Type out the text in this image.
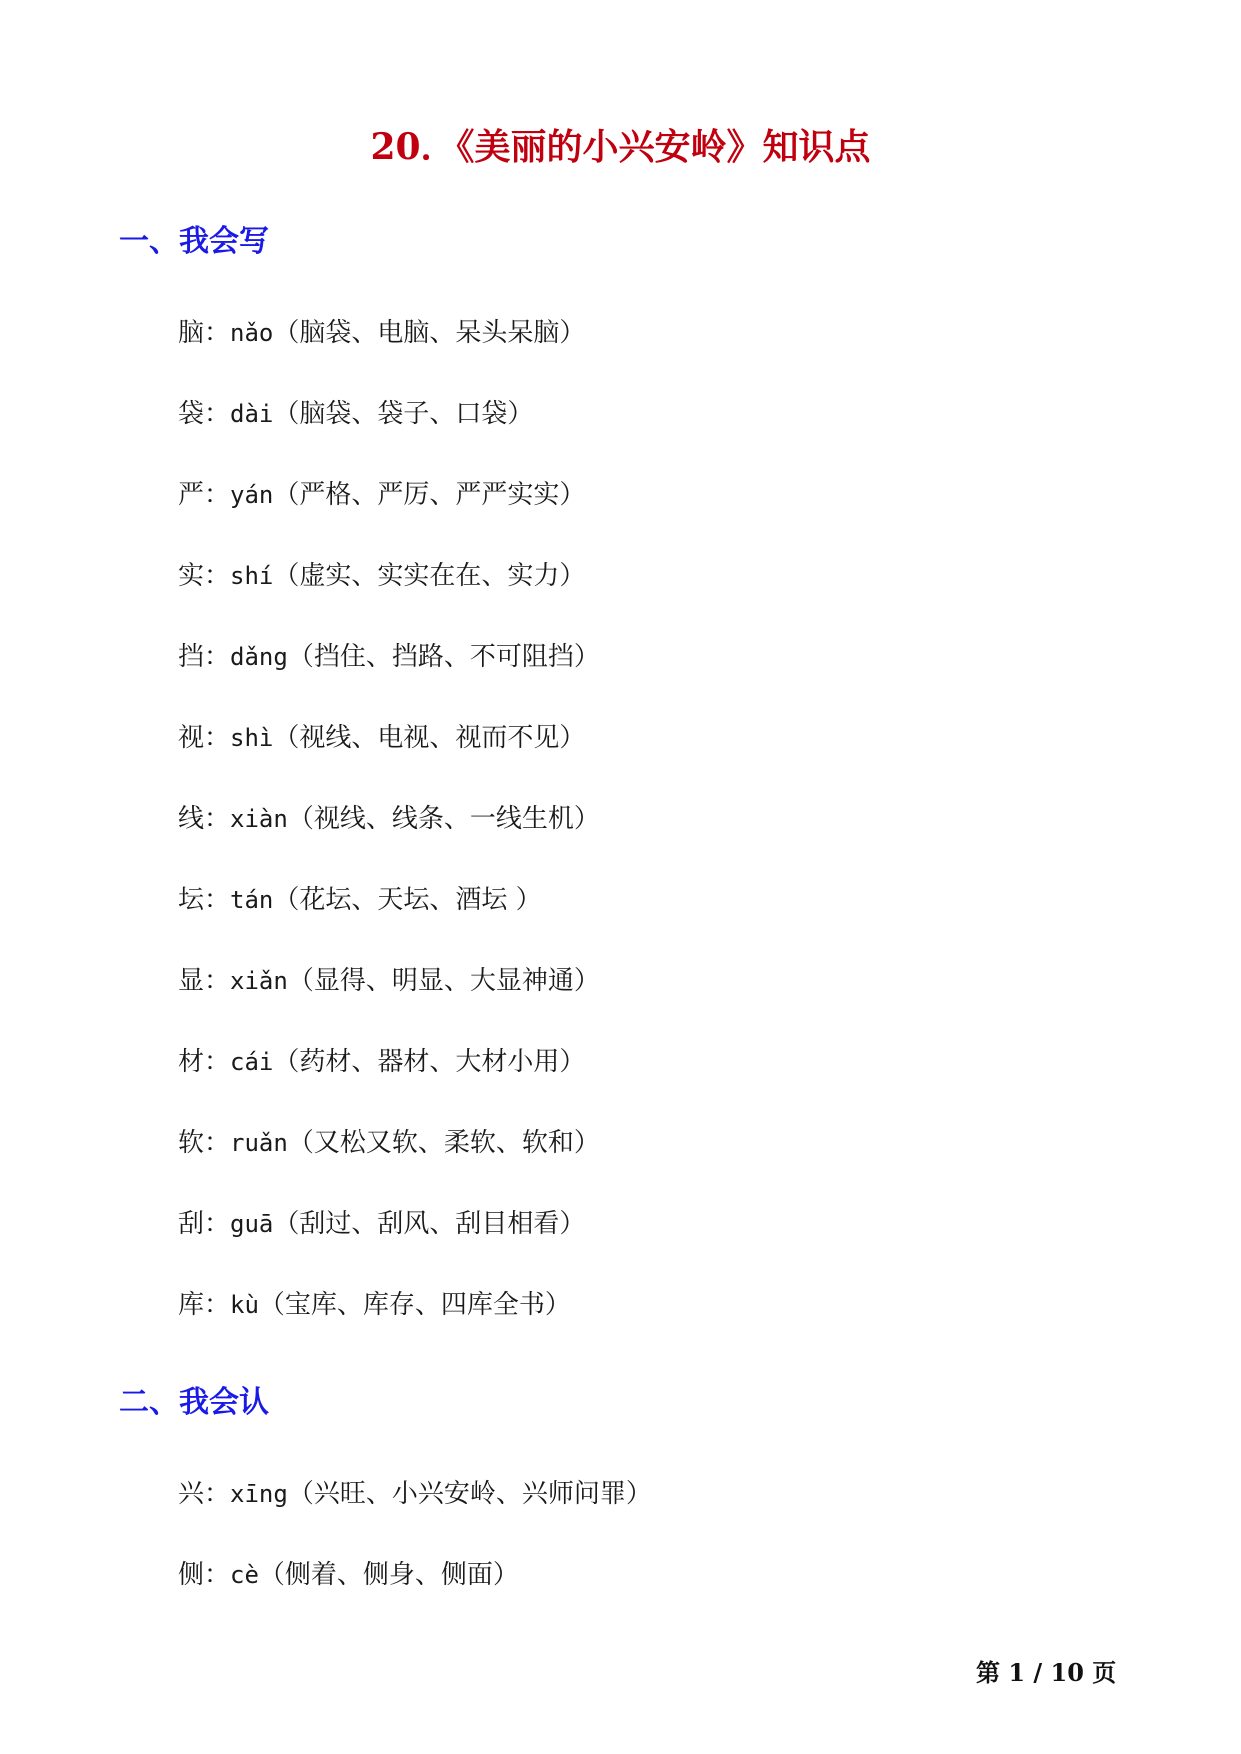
20．《美丽的小兴安岭》知识点
一、我会写
脑：nǎo（脑袋、电脑、呆头呆脑）
袋：dài（脑袋、袋子、口袋）
严：yán（严格、严厉、严严实实）
实：shí（虚实、实实在在、实力）
挡：dǎng（挡住、挡路、不可阻挡）
视：shì（视线、电视、视而不见）
线：xiàn（视线、线条、一线生机）
坛：tán（花坛、天坛、酒坛 ）
显：xiǎn（显得、明显、大显神通）
材：cái（药材、器材、大材小用）
软：ruǎn（又松又软、柔软、软和）
刮：guā（刮过、刮风、刮目相看）
库：kù（宝库、库存、四库全书）
二、我会认
兴：xīng（兴旺、小兴安岭、兴师问罪）
侧：cè（侧着、侧身、侧面）
第 1 / 10 页
